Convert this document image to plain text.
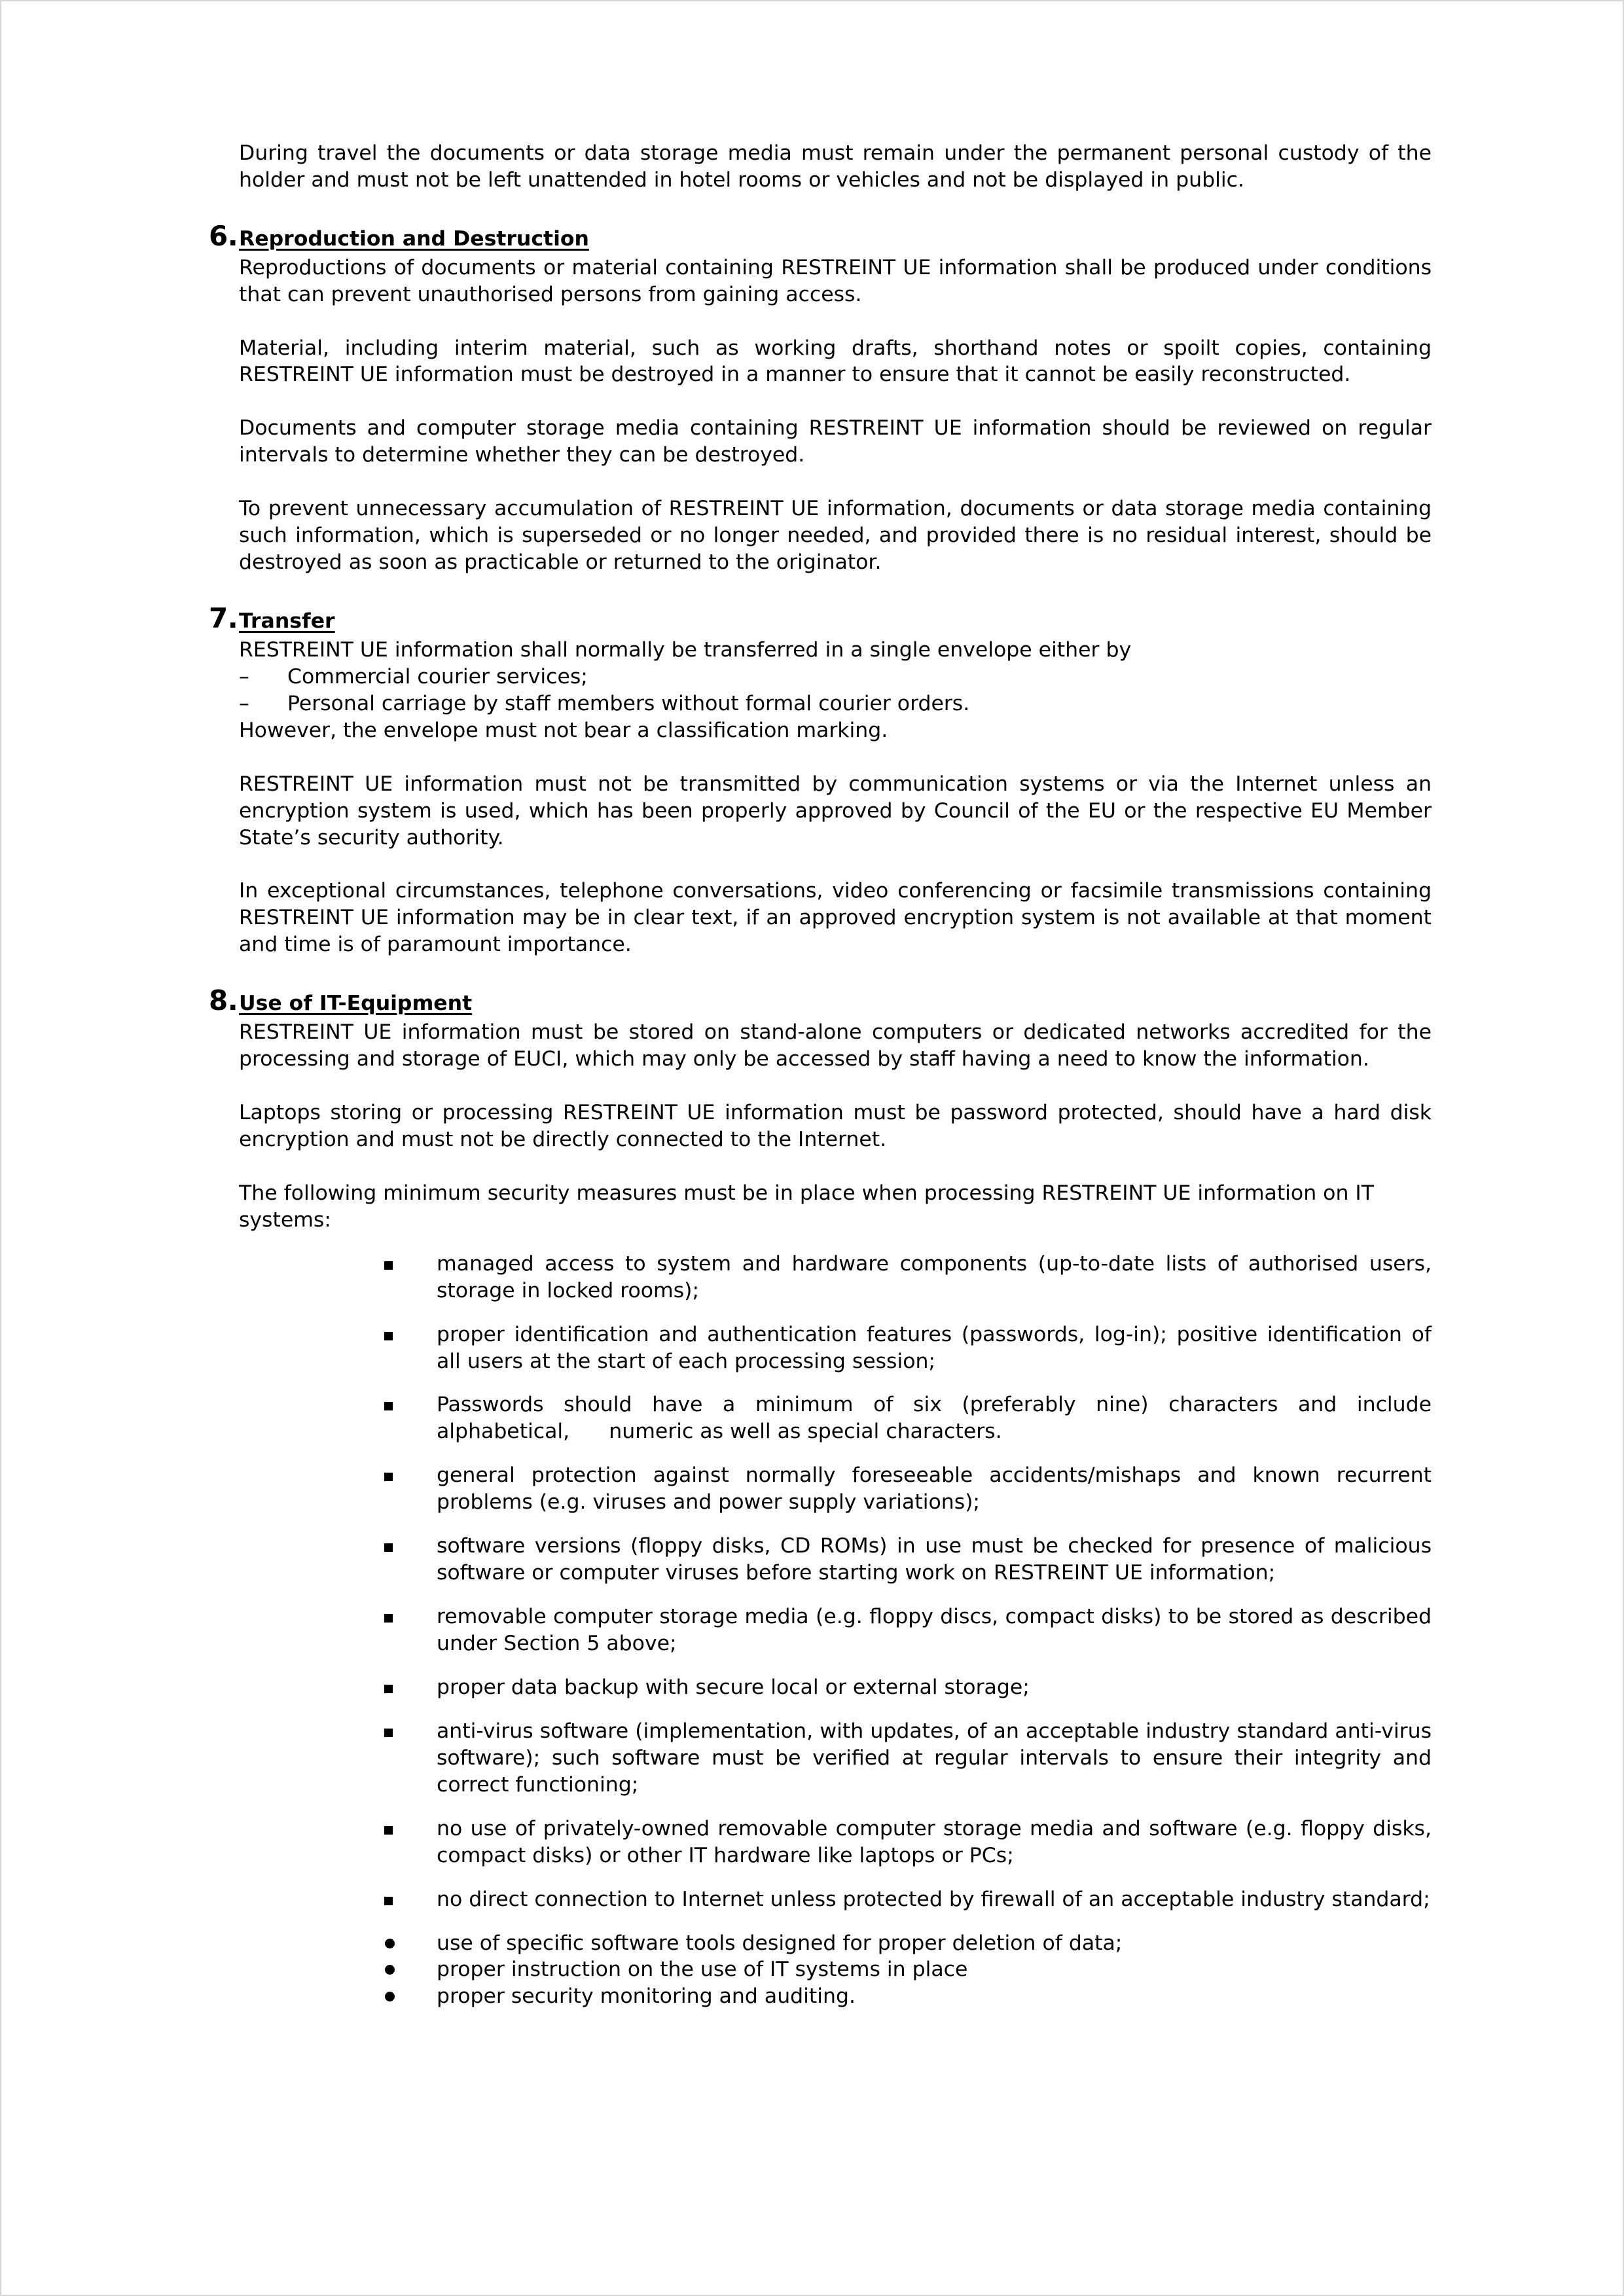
During travel the documents or data storage media must remain under the permanent personal custody of the holder and must not be left unattended in hotel rooms or vehicles and not be displayed in public.

6. Reproduction and Destruction

Reproductions of documents or material containing RESTREINT UE information shall be produced under conditions that can prevent unauthorised persons from gaining access.

Material, including interim material, such as working drafts, shorthand notes or spoilt copies, containing RESTREINT UE information must be destroyed in a manner to ensure that it cannot be easily reconstructed.

Documents and computer storage media containing RESTREINT UE information should be reviewed on regular intervals to determine whether they can be destroyed.

To prevent unnecessary accumulation of RESTREINT UE information, documents or data storage media containing such information, which is superseded or no longer needed, and provided there is no residual interest, should be destroyed as soon as practicable or returned to the originator.

7. Transfer

RESTREINT UE information shall normally be transferred in a single envelope either by

– Commercial courier services;
– Personal carriage by staff members without formal courier orders.

However, the envelope must not bear a classification marking.

RESTREINT UE information must not be transmitted by communication systems or via the Internet unless an encryption system is used, which has been properly approved by Council of the EU or the respective EU Member State’s security authority.

In exceptional circumstances, telephone conversations, video conferencing or facsimile transmissions containing RESTREINT UE information may be in clear text, if an approved encryption system is not available at that moment and time is of paramount importance.

8. Use of IT-Equipment

RESTREINT UE information must be stored on stand-alone computers or dedicated networks accredited for the processing and storage of EUCI, which may only be accessed by staff having a need to know the information.

Laptops storing or processing RESTREINT UE information must be password protected, should have a hard disk encryption and must not be directly connected to the Internet.

The following minimum security measures must be in place when processing RESTREINT UE information on IT systems:

managed access to system and hardware components (up-to-date lists of authorised users, storage in locked rooms);
proper identification and authentication features (passwords, log-in); positive identification of all users at the start of each processing session;
Passwords should have a minimum of six (preferably nine) characters and include alphabetical,      numeric as well as special characters.
general protection against normally foreseeable accidents/mishaps and known recurrent problems (e.g. viruses and power supply variations);
software versions (floppy disks, CD ROMs) in use must be checked for presence of malicious software or computer viruses before starting work on RESTREINT UE information;
removable computer storage media (e.g. floppy discs, compact disks) to be stored as described under Section 5 above;
proper data backup with secure local or external storage;
anti-virus software (implementation, with updates, of an acceptable industry standard anti-virus software); such software must be verified at regular intervals to ensure their integrity and correct functioning;
no use of privately-owned removable computer storage media and software (e.g. floppy disks, compact disks) or other IT hardware like laptops or PCs;
no direct connection to Internet unless protected by firewall of an acceptable industry standard;
use of specific software tools designed for proper deletion of data;
proper instruction on the use of IT systems in place
proper security monitoring and auditing.
